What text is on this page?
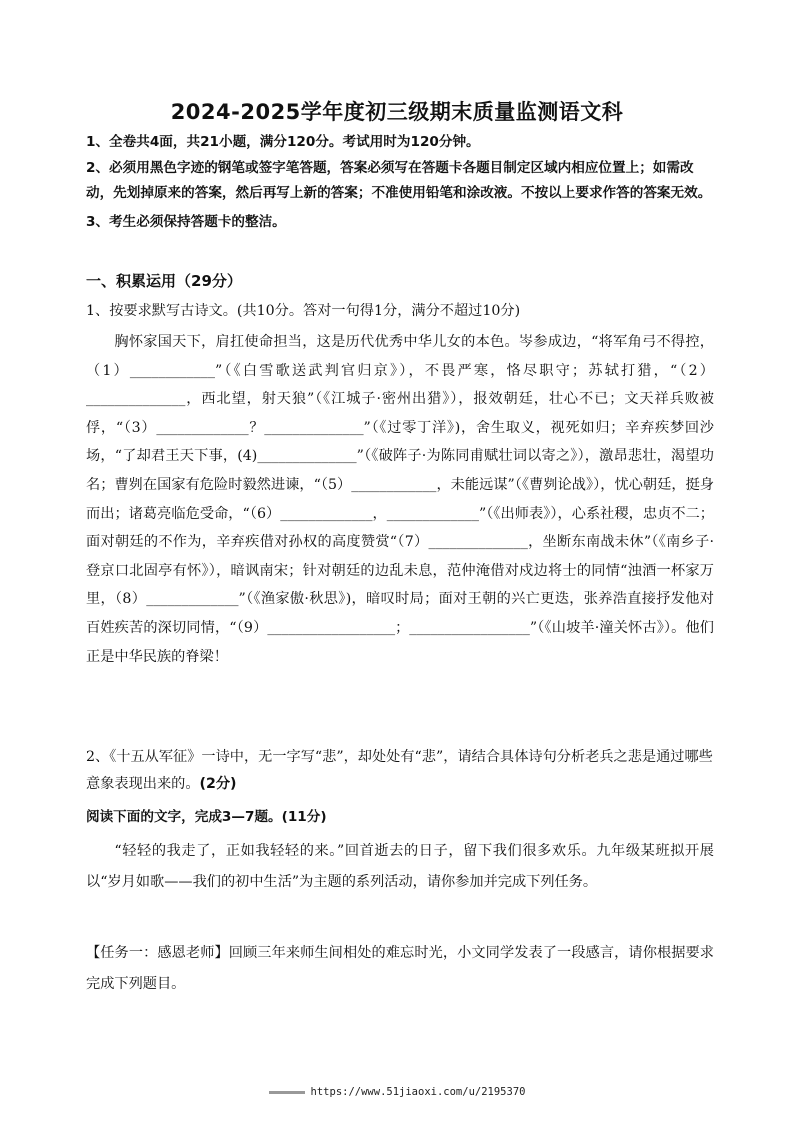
2024-2025学年度初三级期末质量监测语文科

1、全卷共4面，共21小题，满分120分。考试用时为120分钟。

2、必须用黑色字迹的钢笔或签字笔答题，答案必须写在答题卡各题目制定区域内相应位置上；如需改动，先划掉原来的答案，然后再写上新的答案；不准使用铅笔和涂改液。不按以上要求作答的答案无效。

3、考生必须保持答题卡的整洁。

一、积累运用（29分）
1、按要求默写古诗文。(共10分。答对一句得1分，满分不超过10分)
胸怀家国天下，肩扛使命担当，这是历代优秀中华儿女的本色。岑参成边，“将军角弓不得控，（1）____________”（《白雪歌送武判官归京》），不畏严寒，恪尽职守；苏轼打猎，“（2）______________，西北望，射天狼”（《江城子·密州出猎》），报效朝廷，壮心不已；文天祥兵败被俘，“（3）_____________？______________”（《过零丁洋》)，舍生取义，视死如归；辛弃疾梦回沙场，“了却君王天下事，(4)______________”（《破阵子·为陈同甫赋壮词以寄之》），激昂悲壮，渴望功名；曹刿在国家有危险时毅然进谏，“（5）____________，未能远谋”（《曹刿论战》），忧心朝廷，挺身而出；诸葛亮临危受命，“（6）_____________，_____________”（《出师表》），心系社稷，忠贞不二；面对朝廷的不作为，辛弃疾借对孙权的高度赞赏“（7）______________，坐断东南战未休”（《南乡子·登京口北固亭有怀》），暗讽南宋；针对朝廷的边乱未息，范仲淹借对戍边将士的同情“浊酒一杯家万里，（8）_____________”（《渔家傲·秋思》)，暗叹时局；面对王朝的兴亡更迭，张养浩直接抒发他对百姓疾苦的深切同情，“（9）__________________；_________________”（《山坡羊·潼关怀古》）。他们正是中华民族的脊梁！
2、《十五从军征》一诗中，无一字写“悲”，却处处有“悲”，请结合具体诗句分析老兵之悲是通过哪些意象表现出来的。(2分)
阅读下面的文字，完成3—7题。(11分)
“轻轻的我走了，正如我轻轻的来。”回首逝去的日子，留下我们很多欢乐。九年级某班拟开展以“岁月如歌——我们的初中生活”为主题的系列活动，请你参加并完成下列任务。
【任务一：感恩老师】回顾三年来师生间相处的难忘时光，小文同学发表了一段感言，请你根据要求完成下列题目。
https://www.51jiaoxi.com/u/2195370
